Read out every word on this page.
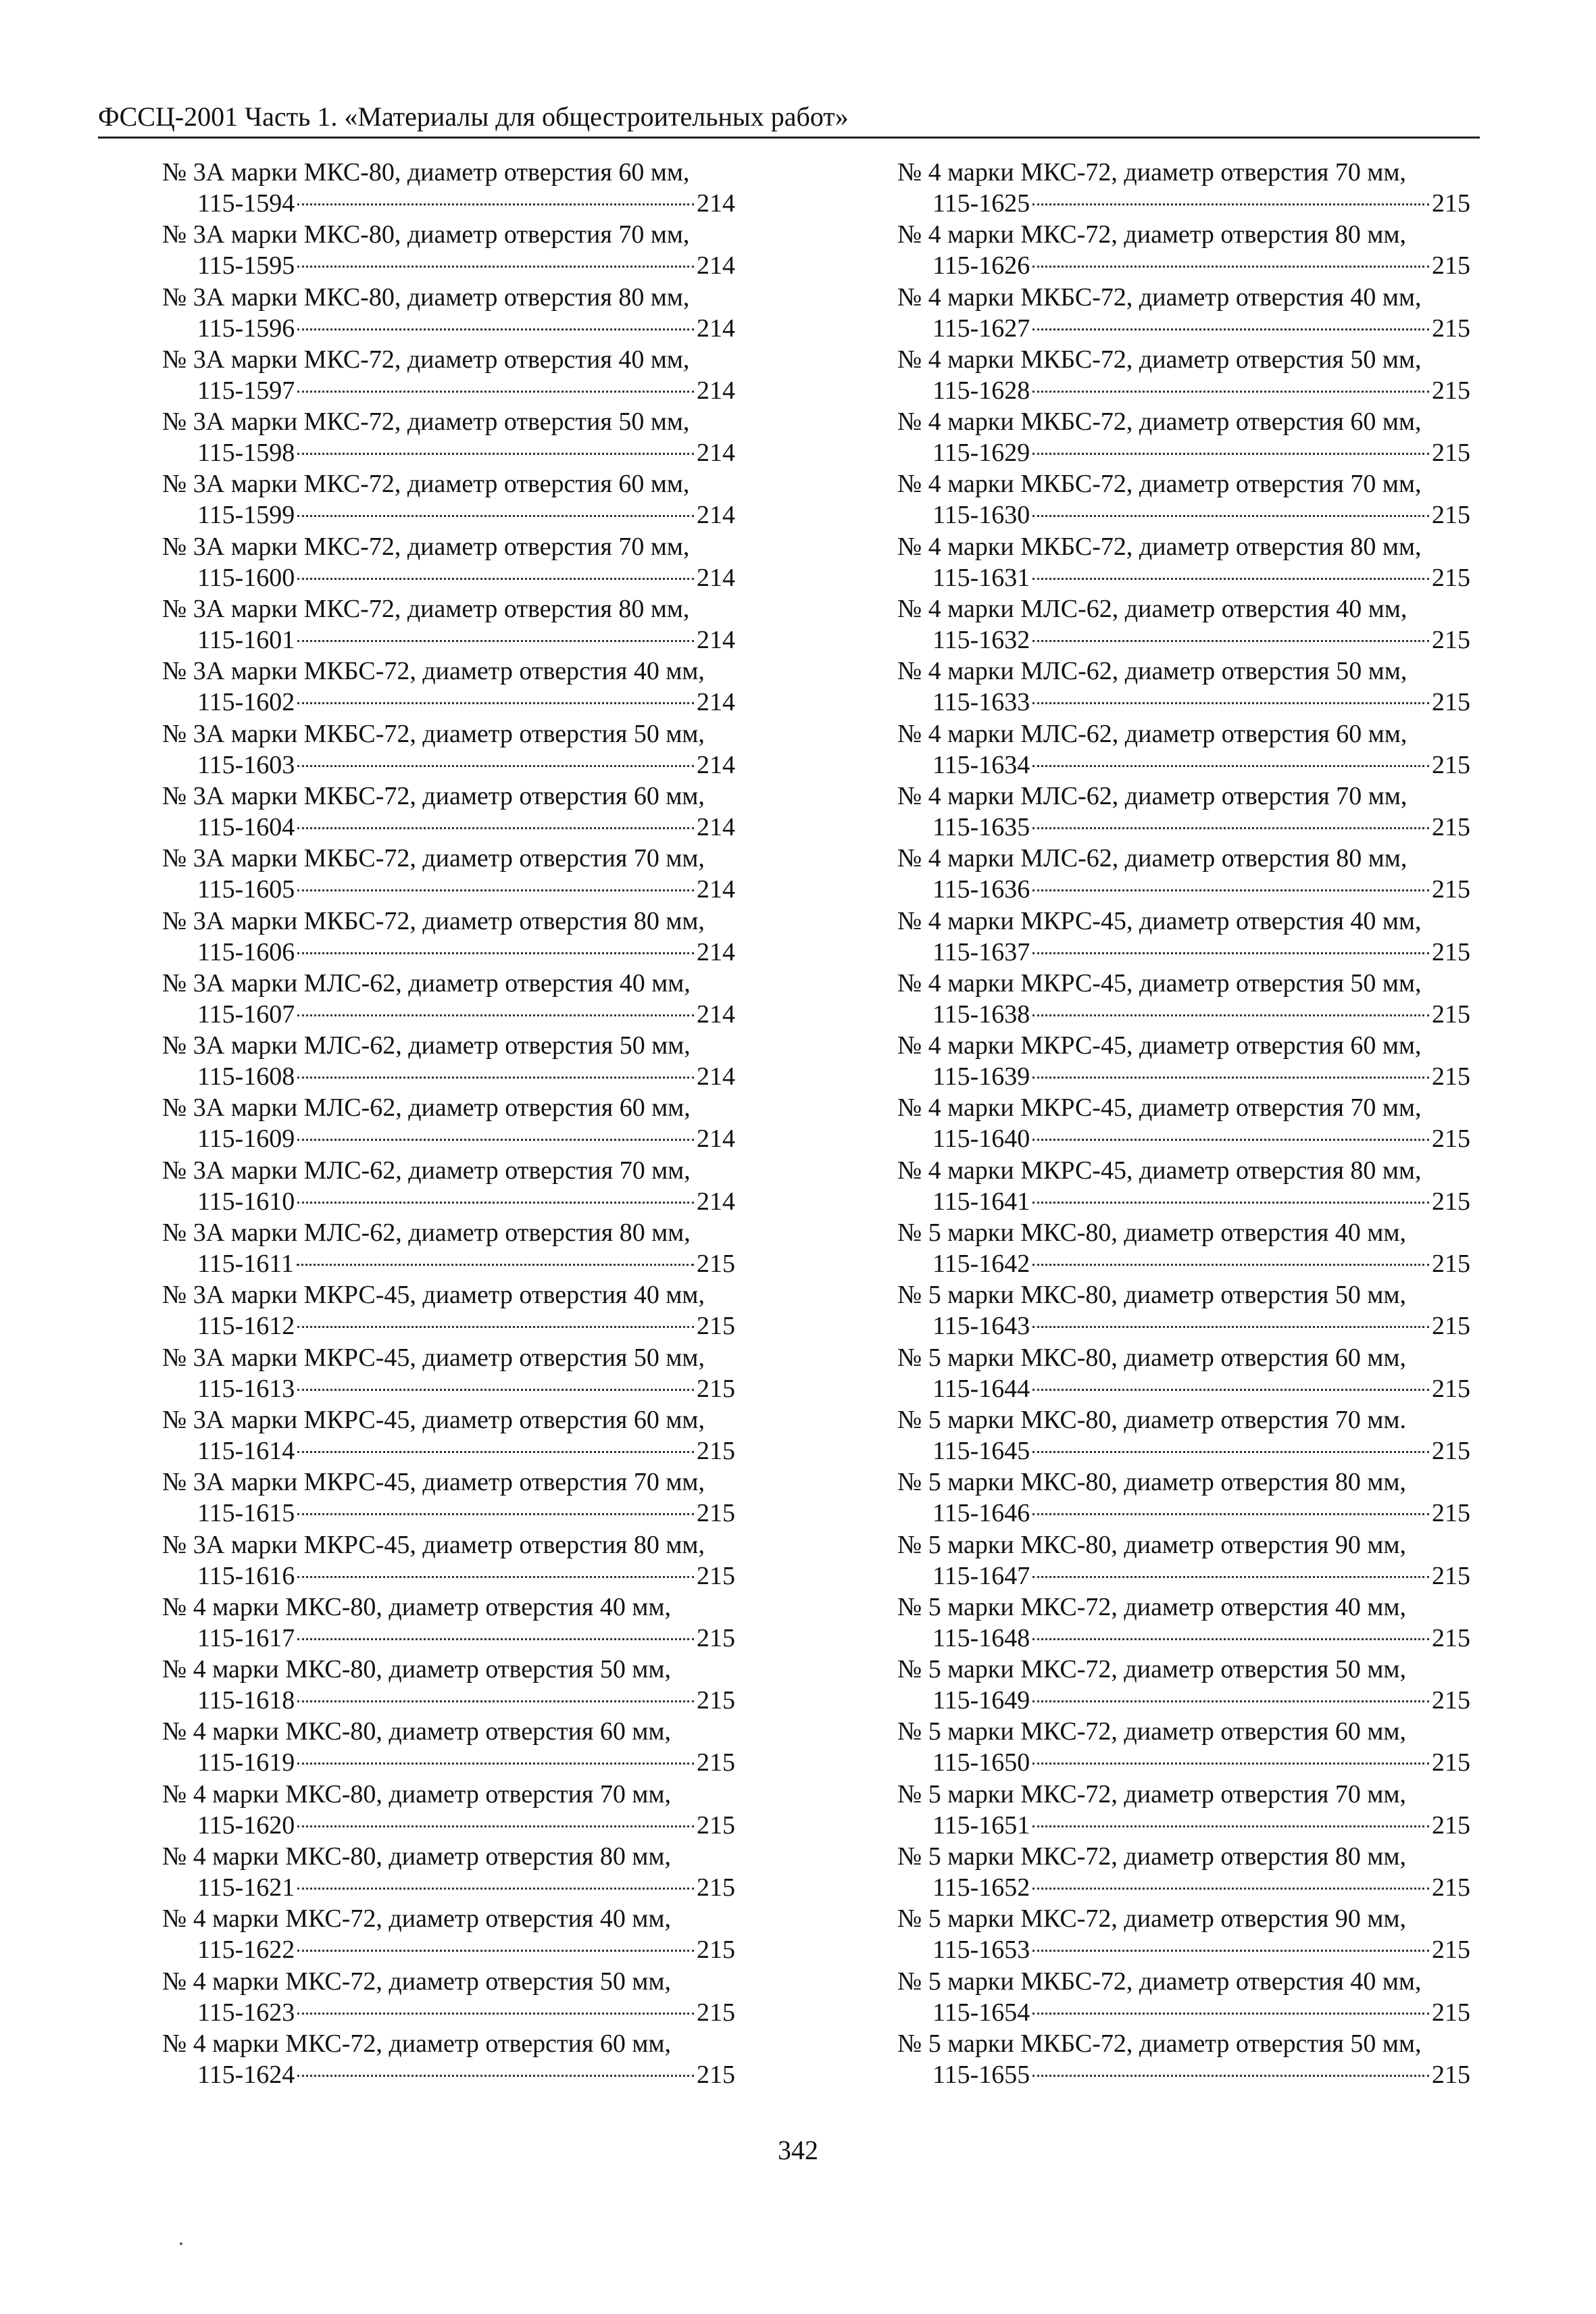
ФССЦ-2001 Часть 1. «Материалы для общестроительных работ»
№ 3А марки МКС-80, диаметр отверстия 60 мм,
115-1594	214
№ 3А марки МКС-80, диаметр отверстия 70 мм,
115-1595	214
№ 3А марки МКС-80, диаметр отверстия 80 мм,
115-1596	214
№ 3А марки МКС-72, диаметр отверстия 40 мм,
115-1597	214
№ 3А марки МКС-72, диаметр отверстия 50 мм,
115-1598	214
№ 3А марки МКС-72, диаметр отверстия 60 мм,
115-1599	214
№ 3А марки МКС-72, диаметр отверстия 70 мм,
115-1600	214
№ 3А марки МКС-72, диаметр отверстия 80 мм,
115-1601	214
№ 3А марки МКБС-72, диаметр отверстия 40 мм,
115-1602	214
№ 3А марки МКБС-72, диаметр отверстия 50 мм,
115-1603	214
№ 3А марки МКБС-72, диаметр отверстия 60 мм,
115-1604	214
№ 3А марки МКБС-72, диаметр отверстия 70 мм,
115-1605	214
№ 3А марки МКБС-72, диаметр отверстия 80 мм,
115-1606	214
№ 3А марки МЛС-62, диаметр отверстия 40 мм,
115-1607	214
№ 3А марки МЛС-62, диаметр отверстия 50 мм,
115-1608	214
№ 3А марки МЛС-62, диаметр отверстия 60 мм,
115-1609	214
№ 3А марки МЛС-62, диаметр отверстия 70 мм,
115-1610	214
№ 3А марки МЛС-62, диаметр отверстия 80 мм,
115-1611	215
№ 3А марки МКРС-45, диаметр отверстия 40 мм,
115-1612	215
№ 3А марки МКРС-45, диаметр отверстия 50 мм,
115-1613	215
№ 3А марки МКРС-45, диаметр отверстия 60 мм,
115-1614	215
№ 3А марки МКРС-45, диаметр отверстия 70 мм,
115-1615	215
№ 3А марки МКРС-45, диаметр отверстия 80 мм,
115-1616	215
№ 4 марки МКС-80, диаметр отверстия 40 мм,
115-1617	215
№ 4 марки МКС-80, диаметр отверстия 50 мм,
115-1618	215
№ 4 марки МКС-80, диаметр отверстия 60 мм,
115-1619	215
№ 4 марки МКС-80, диаметр отверстия 70 мм,
115-1620	215
№ 4 марки МКС-80, диаметр отверстия 80 мм,
115-1621	215
№ 4 марки МКС-72, диаметр отверстия 40 мм,
115-1622	215
№ 4 марки МКС-72, диаметр отверстия 50 мм,
115-1623	215
№ 4 марки МКС-72, диаметр отверстия 60 мм,
115-1624	215
№ 4 марки МКС-72, диаметр отверстия 70 мм,
115-1625	215
№ 4 марки МКС-72, диаметр отверстия 80 мм,
115-1626	215
№ 4 марки МКБС-72, диаметр отверстия 40 мм,
115-1627	215
№ 4 марки МКБС-72, диаметр отверстия 50 мм,
115-1628	215
№ 4 марки МКБС-72, диаметр отверстия 60 мм,
115-1629	215
№ 4 марки МКБС-72, диаметр отверстия 70 мм,
115-1630	215
№ 4 марки МКБС-72, диаметр отверстия 80 мм,
115-1631	215
№ 4 марки МЛС-62, диаметр отверстия 40 мм,
115-1632	215
№ 4 марки МЛС-62, диаметр отверстия 50 мм,
115-1633	215
№ 4 марки МЛС-62, диаметр отверстия 60 мм,
115-1634	215
№ 4 марки МЛС-62, диаметр отверстия 70 мм,
115-1635	215
№ 4 марки МЛС-62, диаметр отверстия 80 мм,
115-1636	215
№ 4 марки МКРС-45, диаметр отверстия 40 мм,
115-1637	215
№ 4 марки МКРС-45, диаметр отверстия 50 мм,
115-1638	215
№ 4 марки МКРС-45, диаметр отверстия 60 мм,
115-1639	215
№ 4 марки МКРС-45, диаметр отверстия 70 мм,
115-1640	215
№ 4 марки МКРС-45, диаметр отверстия 80 мм,
115-1641	215
№ 5 марки МКС-80, диаметр отверстия 40 мм,
115-1642	215
№ 5 марки МКС-80, диаметр отверстия 50 мм,
115-1643	215
№ 5 марки МКС-80, диаметр отверстия 60 мм,
115-1644	215
№ 5 марки МКС-80, диаметр отверстия 70 мм.
115-1645	215
№ 5 марки МКС-80, диаметр отверстия 80 мм,
115-1646	215
№ 5 марки МКС-80, диаметр отверстия 90 мм,
115-1647	215
№ 5 марки МКС-72, диаметр отверстия 40 мм,
115-1648	215
№ 5 марки МКС-72, диаметр отверстия 50 мм,
115-1649	215
№ 5 марки МКС-72, диаметр отверстия 60 мм,
115-1650	215
№ 5 марки МКС-72, диаметр отверстия 70 мм,
115-1651	215
№ 5 марки МКС-72, диаметр отверстия 80 мм,
115-1652	215
№ 5 марки МКС-72, диаметр отверстия 90 мм,
115-1653	215
№ 5 марки МКБС-72, диаметр отверстия 40 мм,
115-1654	215
№ 5 марки МКБС-72, диаметр отверстия 50 мм,
115-1655	215
342
